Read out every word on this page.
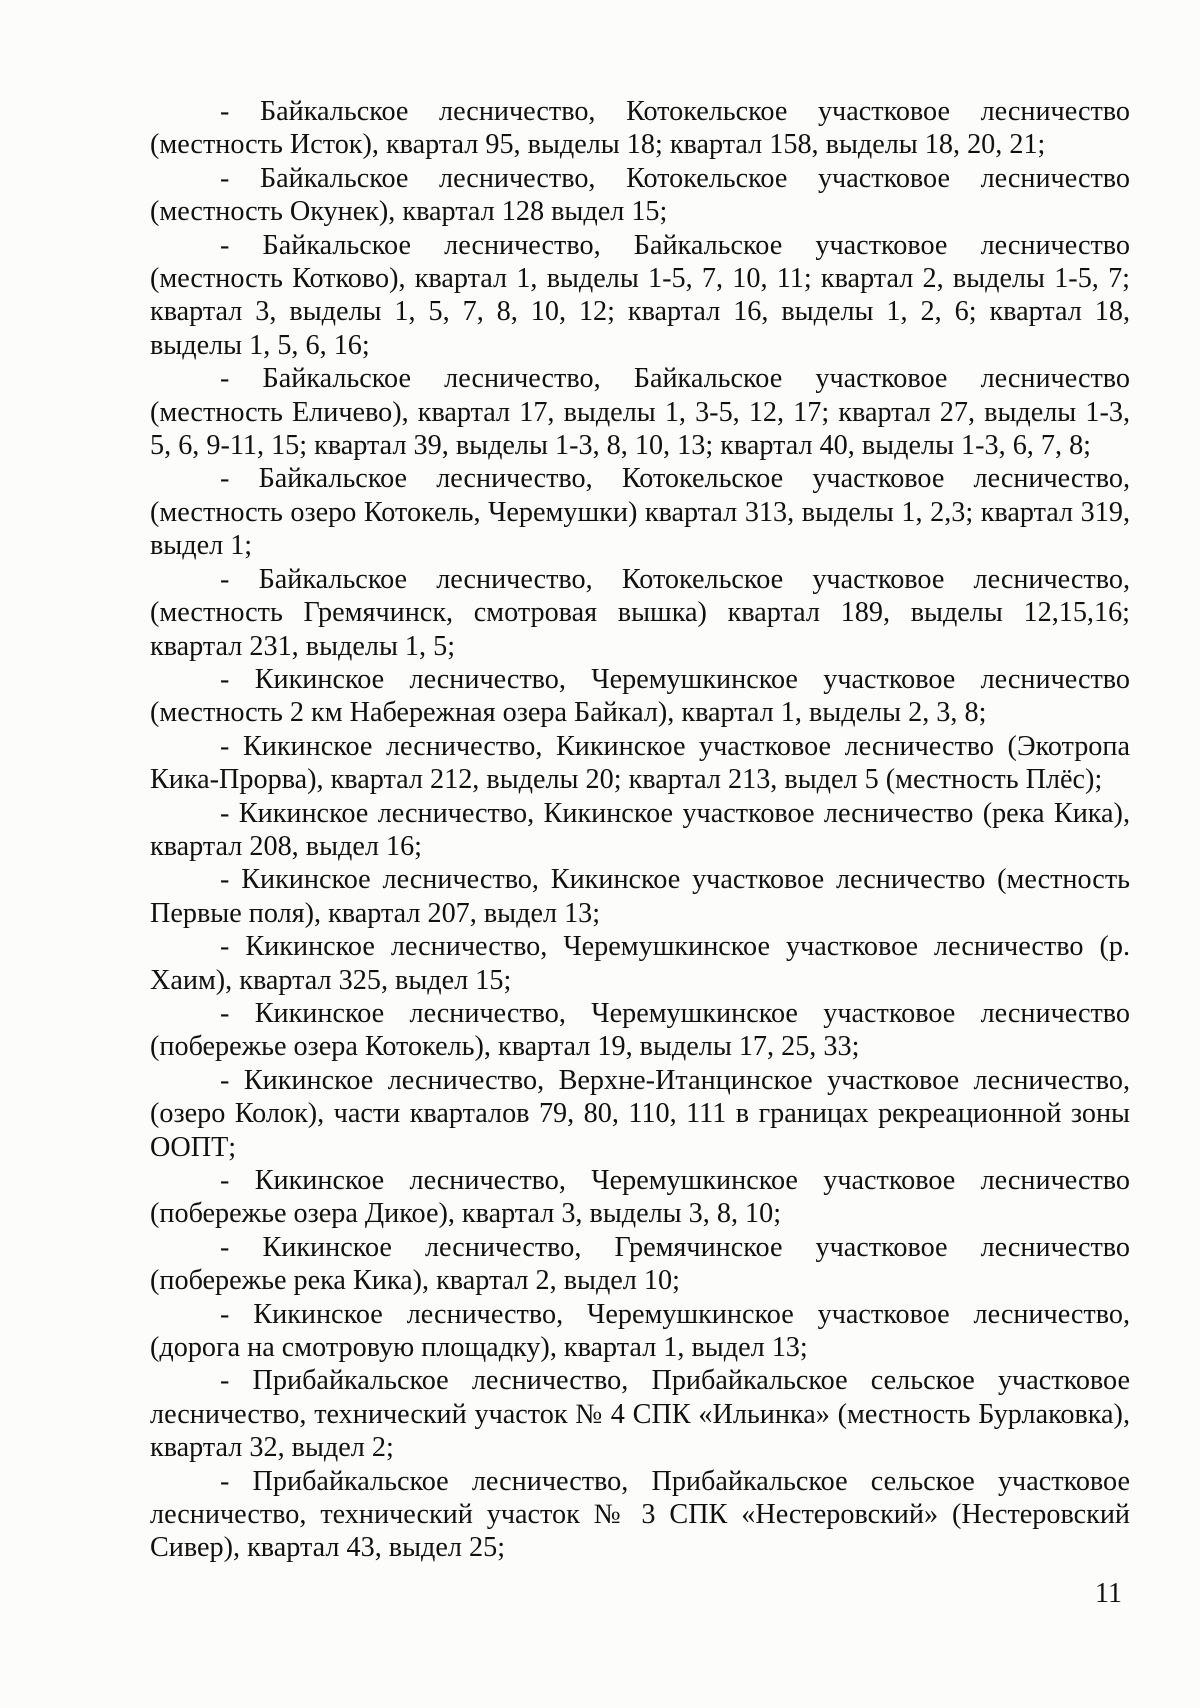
- Байкальское лесничество, Котокельское участковое лесничество (местность Исток), квартал 95, выделы 18; квартал 158, выделы 18, 20, 21;

- Байкальское лесничество, Котокельское участковое лесничество (местность Окунек), квартал 128 выдел 15;

- Байкальское лесничество, Байкальское участковое лесничество (местность Котково), квартал 1, выделы 1-5, 7, 10, 11; квартал 2, выделы 1-5, 7; квартал 3, выделы 1, 5, 7, 8, 10, 12; квартал 16, выделы 1, 2, 6; квартал 18, выделы 1, 5, 6, 16;

- Байкальское лесничество, Байкальское участковое лесничество (местность Еличево), квартал 17, выделы 1, 3-5, 12, 17; квартал 27, выделы 1-3, 5, 6, 9-11, 15; квартал 39, выделы 1-3, 8, 10, 13; квартал 40, выделы 1-3, 6, 7, 8;

- Байкальское лесничество, Котокельское участковое лесничество, (местность озеро Котокель, Черемушки) квартал 313, выделы 1, 2,3; квартал 319, выдел 1;

- Байкальское лесничество, Котокельское участковое лесничество, (местность Гремячинск, смотровая вышка) квартал 189, выделы 12,15,16; квартал 231, выделы 1, 5;

- Кикинское лесничество, Черемушкинское участковое лесничество (местность 2 км Набережная озера Байкал), квартал 1, выделы 2, 3, 8;

- Кикинское лесничество, Кикинское участковое лесничество (Экотропа Кика-Прорва), квартал 212, выделы 20; квартал 213, выдел 5 (местность Плёс);

- Кикинское лесничество, Кикинское участковое лесничество (река Кика), квартал 208, выдел 16;

- Кикинское лесничество, Кикинское участковое лесничество (местность Первые поля), квартал 207, выдел 13;

- Кикинское лесничество, Черемушкинское участковое лесничество (р. Хаим), квартал 325, выдел 15;

- Кикинское лесничество, Черемушкинское участковое лесничество (побережье озера Котокель), квартал 19, выделы 17, 25, 33;

- Кикинское лесничество, Верхне-Итанцинское участковое лесничество, (озеро Колок), части кварталов 79, 80, 110, 111 в границах рекреационной зоны ООПТ;

- Кикинское лесничество, Черемушкинское участковое лесничество (побережье озера Дикое), квартал 3, выделы 3, 8, 10;

- Кикинское лесничество, Гремячинское участковое лесничество (побережье река Кика), квартал 2, выдел 10;

- Кикинское лесничество, Черемушкинское участковое лесничество, (дорога на смотровую площадку), квартал 1, выдел 13;

- Прибайкальское лесничество, Прибайкальское сельское участковое лесничество, технический участок № 4 СПК «Ильинка» (местность Бурлаковка), квартал 32, выдел 2;

- Прибайкальское лесничество, Прибайкальское сельское участковое лесничество, технический участок № 3 СПК «Нестеровский» (Нестеровский Сивер), квартал 43, выдел 25;

11
